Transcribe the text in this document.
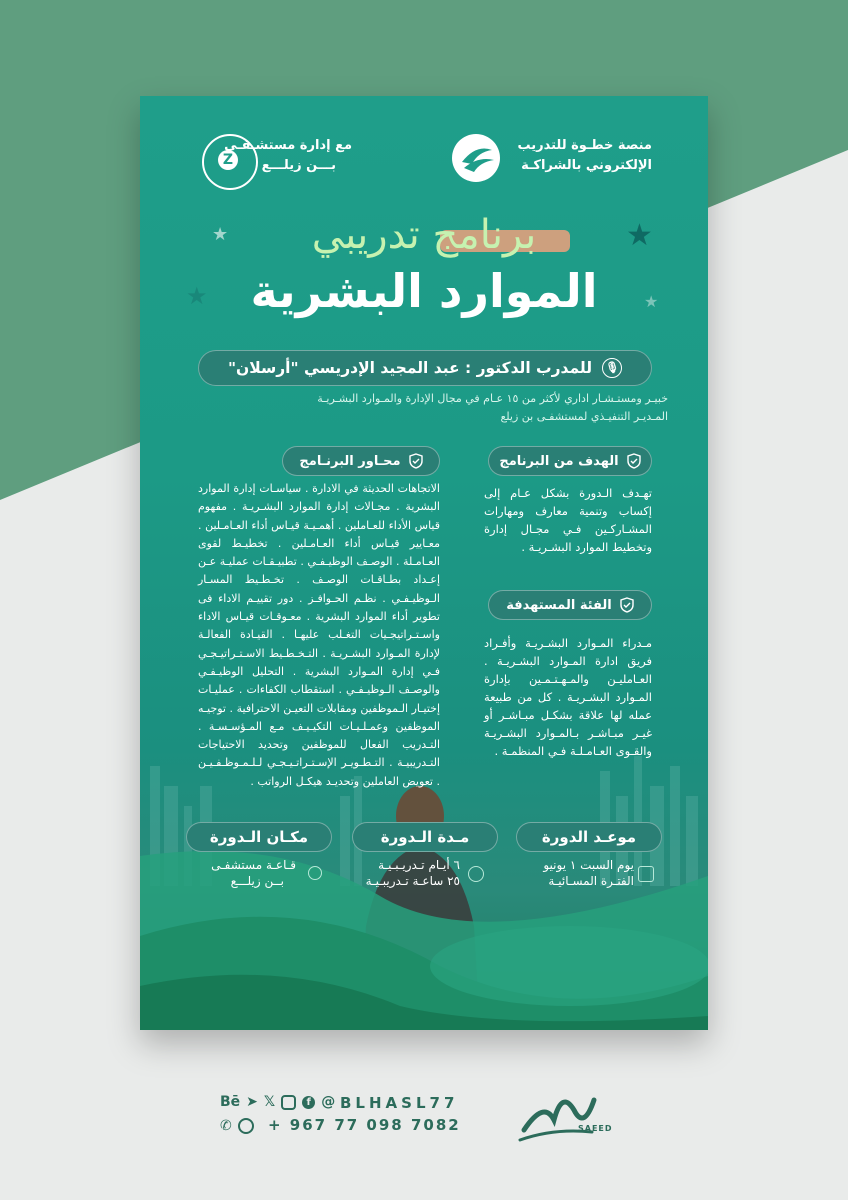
★	★
★
★
منصة خطـوة للتدريب
الإلكتروني بالشراكـة
Z
مع إدارة مستشـفـى
بـــن زيلـــع
برنامج تدريبي
الموارد البشرية
🎙
للمدرب الدكتور : عبد المجيد الإدريسي "أرسلان"
خبيـر ومستـشـار اداري لأكثر من ١٥ عـام في مجال الإدارة والمـوارد البشـريـة
المـديـر التنفيـذي لمستشفـى بن زيلع
الهدف من البرنامج
تهـدف الـدورة بشكل عـام إلى إكساب وتنمية معارف ومهارات المشـاركـين فـي مجـال إدارة وتخطيط الموارد البشـريـة .
الفئة المستهدفة
مـدراء المـوارد البشـريـة وأفـراد فريق ادارة المـوارد البشـريـة . العـامليـن والمـهـتـمـين بإدارة المـوارد البشـريـة . كل من طبيعة عمله لها علاقة بشكـل مبـاشـر أو غيـر مبـاشـر بـالمـوارد البشـريـة والقـوى العـامـلـة فـي المنظمـة .
محـاور البرنـامج
الاتجاهات الحديثة في الادارة . سياسـات إدارة الموارد البشرية . مجـالات إدارة الموارد البشـريـة . مفهوم قياس الأداء للعـاملين . أهمـيـة قيـاس أداء العـامـلين . معـايير قيـاس أداء العـامـلين . تخطيـط لقوى العـامـلة . الوصـف الوظيـفـي . تطبيـقـات عمليـة عـن إعـداد بطـاقـات الوصـف . تخـطـيط المسـار الـوظيـفـي . نظـم الحـوافـز . دور تقييـم الاداء فى تطوير أداء الموارد البشرية . معـوقـات قيـاس الاداء واسـتـراتيجـيات التغـلب عليهـا . القيـادة الفعالـة لإدارة المـوارد البشـريـة . التـخـطـيط الاسـتـراتيـجـي فـي إدارة المـوارد البشرية . التحليل الوظيـفـي والوصـف الـوظيـفـي . استقطاب الكفاءات . عمليـات إختيـار الـموظفين ومقابلات التعيـن الاحترافية . توجيـه الموظفين وعمـلـيـات التكيـيـف مـع المـؤسـسـة . التـدريب الفعال للموظفين وتحديد الاحتياجات التـدريبيـة . التـطـويـر الإسـتـراتـيـجـي لـلـمـوظـفـيـن . تعويض العاملين وتحديـد هيكـل الرواتب .
موعـد الدورة
يوم السبت ١ يونيو
الفتـرة المسـائيـة
مـدة الـدورة
٦ أيـام تـدريـبـيـة
٢٥ ساعـة تـدريبـيـة
مكـان الـدورة
قـاعـة مستشفـى
بــن زيلـــع
Bē ➤ 𝕏	f @ BLHASL77
✆ + 967 77 098 7082	SAEED
